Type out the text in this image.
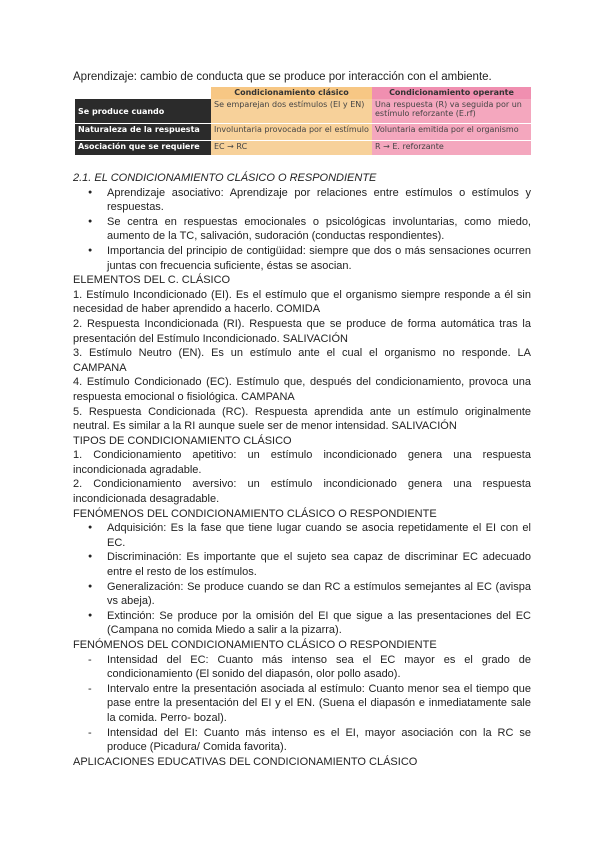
Aprendizaje: cambio de conducta que se produce por interacción con el ambiente.
	Condicionamiento clásico	Condicionamiento operante
Se produce cuando	Se emparejan dos estímulos (EI y EN)	Una respuesta (R) va seguida por un estímulo reforzante (E.rf)
Naturaleza de la respuesta	Involuntaria provocada por el estímulo	Voluntaria emitida por el organismo
Asociación que se requiere	EC → RC	R → E. reforzante

2.1. EL CONDICIONAMIENTO CLÁSICO O RESPONDIENTE

● Aprendizaje asociativo: Aprendizaje por relaciones entre estímulos o estímulos y respuestas.
● Se centra en respuestas emocionales o psicológicas involuntarias, como miedo, aumento de la TC, salivación, sudoración (conductas respondientes).
● Importancia del principio de contigüidad: siempre que dos o más sensaciones ocurren juntas con frecuencia suficiente, éstas se asocian.

ELEMENTOS DEL C. CLÁSICO

1. Estímulo Incondicionado (EI). Es el estímulo que el organismo siempre responde a él sin necesidad de haber aprendido a hacerlo. COMIDA

2. Respuesta Incondicionada (RI). Respuesta que se produce de forma automática tras la presentación del Estímulo Incondicionado. SALIVACIÓN

3. Estímulo Neutro (EN). Es un estímulo ante el cual el organismo no responde. LA CAMPANA

4. Estímulo Condicionado (EC). Estímulo que, después del condicionamiento, provoca una respuesta emocional o fisiológica. CAMPANA

5. Respuesta Condicionada (RC). Respuesta aprendida ante un estímulo originalmente neutral. Es similar a la RI aunque suele ser de menor intensidad. SALIVACIÓN

TIPOS DE CONDICIONAMIENTO CLÁSICO

1. Condicionamiento apetitivo: un estímulo incondicionado genera una respuesta incondicionada agradable.

2. Condicionamiento aversivo: un estímulo incondicionado genera una respuesta incondicionada desagradable.

FENÓMENOS DEL CONDICIONAMIENTO CLÁSICO O RESPONDIENTE

● Adquisición: Es la fase que tiene lugar cuando se asocia repetidamente el EI con el EC.
● Discriminación: Es importante que el sujeto sea capaz de discriminar EC adecuado entre el resto de los estímulos.
● Generalización: Se produce cuando se dan RC a estímulos semejantes al EC (avispa vs abeja).
● Extinción: Se produce por la omisión del EI que sigue a las presentaciones del EC (Campana no comida Miedo a salir a la pizarra).

FENÓMENOS DEL CONDICIONAMIENTO CLÁSICO O RESPONDIENTE

- Intensidad del EC: Cuanto más intenso sea el EC mayor es el grado de condicionamiento (El sonido del diapasón, olor pollo asado).
- Intervalo entre la presentación asociada al estímulo: Cuanto menor sea el tiempo que pase entre la presentación del EI y el EN. (Suena el diapasón e inmediatamente sale la comida. Perro- bozal).
- Intensidad del EI: Cuanto más intenso es el EI, mayor asociación con la RC se produce (Picadura/ Comida favorita).

APLICACIONES EDUCATIVAS DEL CONDICIONAMIENTO CLÁSICO
